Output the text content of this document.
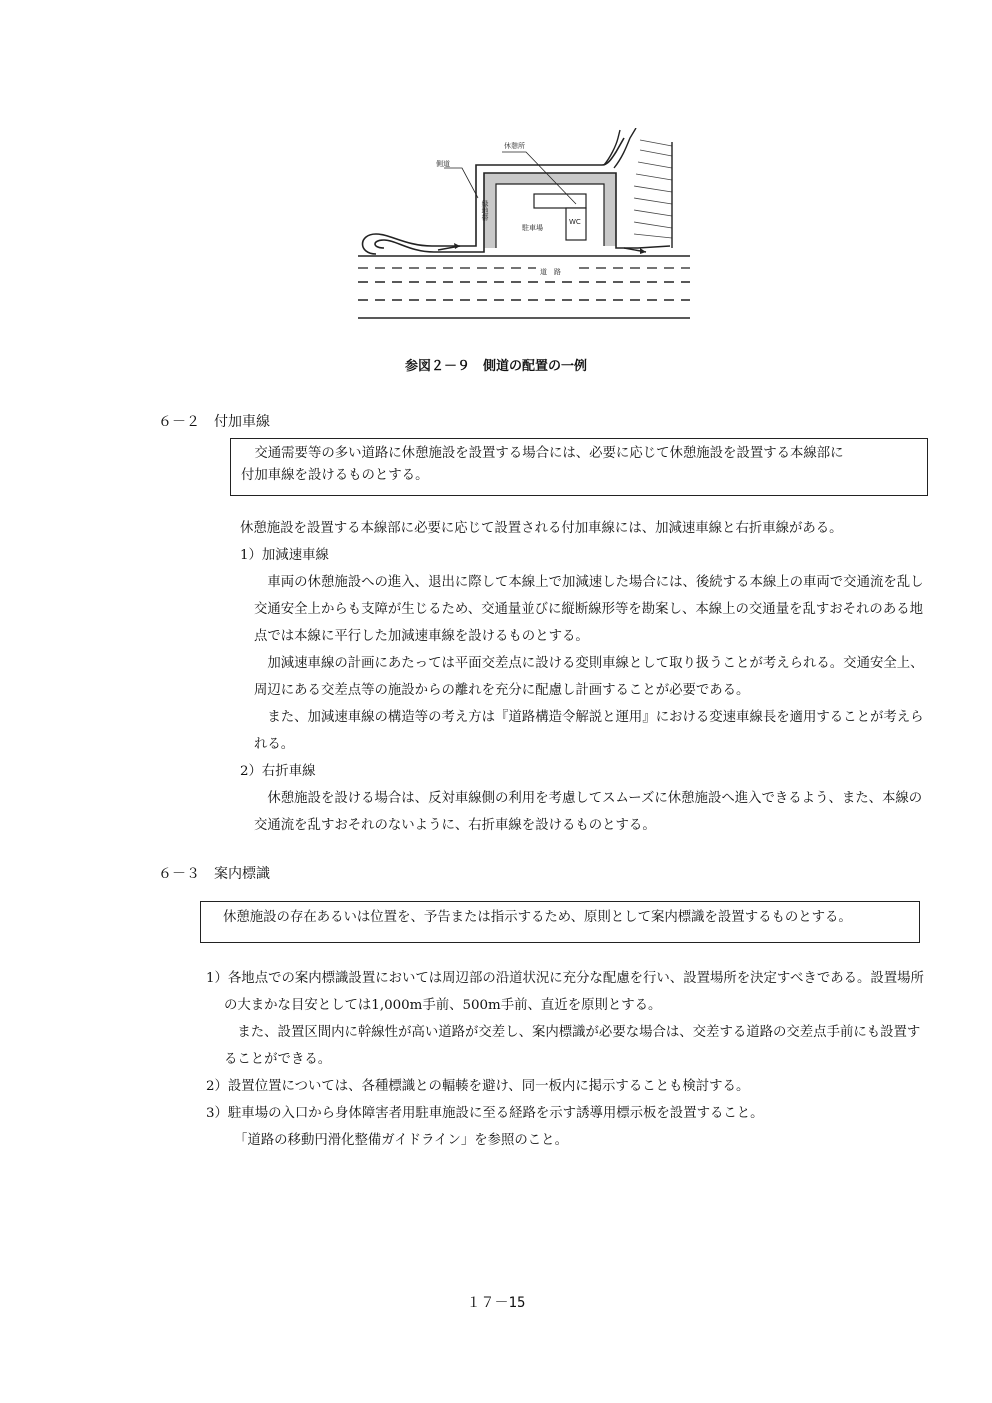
休憩所
側道
緑地帯
WC
駐車場
道　路
参図２－９　側道の配置の一例
６－２　付加車線

交通需要等の多い道路に休憩施設を設置する場合には、必要に応じて休憩施設を設置する本線部に

付加車線を設けるものとする。

休憩施設を設置する本線部に必要に応じて設置される付加車線には、加減速車線と右折車線がある。

1）加減速車線

車両の休憩施設への進入、退出に際して本線上で加減速した場合には、後続する本線上の車両で交通流を乱し交通安全上からも支障が生じるため、交通量並びに縦断線形等を勘案し、本線上の交通量を乱すおそれのある地点では本線に平行した加減速車線を設けるものとする。

加減速車線の計画にあたっては平面交差点に設ける変則車線として取り扱うことが考えられる。交通安全上、周辺にある交差点等の施設からの離れを充分に配慮し計画することが必要である。

また、加減速車線の構造等の考え方は『道路構造令解説と運用』における変速車線長を適用することが考えられる。

2）右折車線

休憩施設を設ける場合は、反対車線側の利用を考慮してスムーズに休憩施設へ進入できるよう、また、本線の交通流を乱すおそれのないように、右折車線を設けるものとする。

６－３　案内標識

休憩施設の存在あるいは位置を、予告または指示するため、原則として案内標識を設置するものとする。

1）各地点での案内標識設置においては周辺部の沿道状況に充分な配慮を行い、設置場所を決定すべきである。設置場所の大まかな目安としては1,000m手前、500m手前、直近を原則とする。

また、設置区間内に幹線性が高い道路が交差し、案内標識が必要な場合は、交差する道路の交差点手前にも設置することができる。

2）設置位置については、各種標識との輻輳を避け、同一板内に掲示することも検討する。

3）駐車場の入口から身体障害者用駐車施設に至る経路を示す誘導用標示板を設置すること。

「道路の移動円滑化整備ガイドライン」を参照のこと。

１７－15
